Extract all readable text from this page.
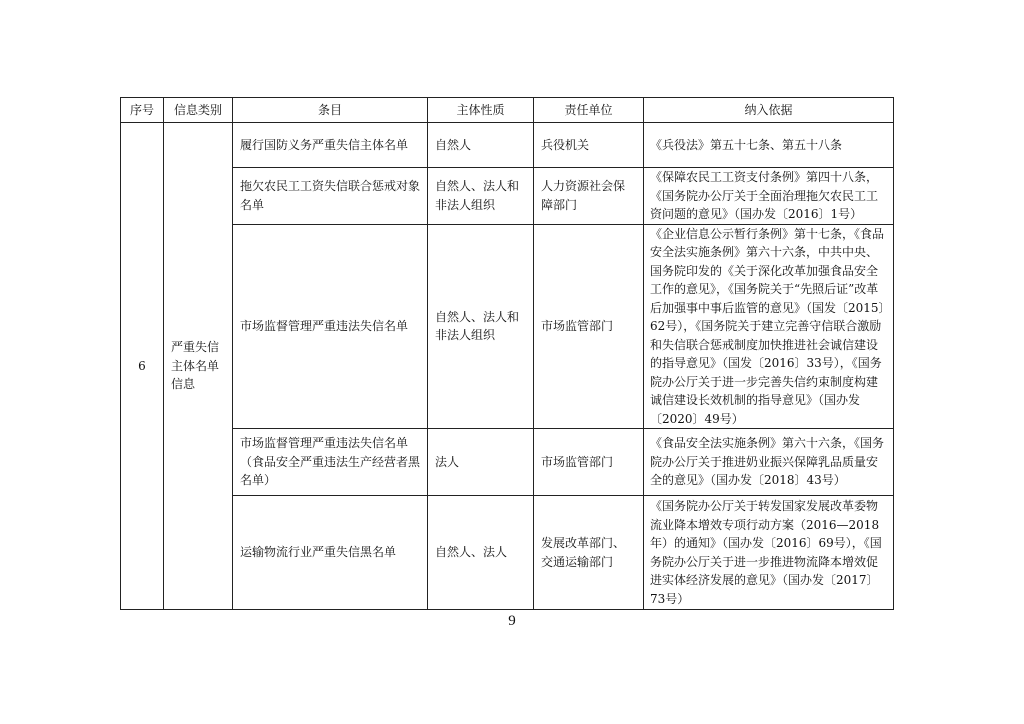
序号	信息类别	条目	主体性质	责任单位	纳入依据
6	严重失信主体名单信息	履行国防义务严重失信主体名单	自然人	兵役机关	《兵役法》第五十七条、第五十八条
		拖欠农民工工资失信联合惩戒对象名单	自然人、法人和非法人组织	人力资源社会保障部门	《保障农民工工资支付条例》第四十八条，《国务院办公厅关于全面治理拖欠农民工工资问题的意见》（国办发〔2016〕1号）
		市场监督管理严重违法失信名单	自然人、法人和非法人组织	市场监管部门	《企业信息公示暂行条例》第十七条，《食品安全法实施条例》第六十六条，中共中央、国务院印发的《关于深化改革加强食品安全工作的意见》，《国务院关于“先照后证”改革后加强事中事后监管的意见》（国发〔2015〕62号），《国务院关于建立完善守信联合激励和失信联合惩戒制度加快推进社会诚信建设的指导意见》（国发〔2016〕33号），《国务院办公厅关于进一步完善失信约束制度构建诚信建设长效机制的指导意见》（国办发〔2020〕49号）
		市场监督管理严重违法失信名单（食品安全严重违法生产经营者黑名单）	法人	市场监管部门	《食品安全法实施条例》第六十六条，《国务院办公厅关于推进奶业振兴保障乳品质量安全的意见》（国办发〔2018〕43号）
		运输物流行业严重失信黑名单	自然人、法人	发展改革部门、交通运输部门	《国务院办公厅关于转发国家发展改革委物流业降本增效专项行动方案（2016—2018年）的通知》（国办发〔2016〕69号），《国务院办公厅关于进一步推进物流降本增效促进实体经济发展的意见》（国办发〔2017〕73号）
9
